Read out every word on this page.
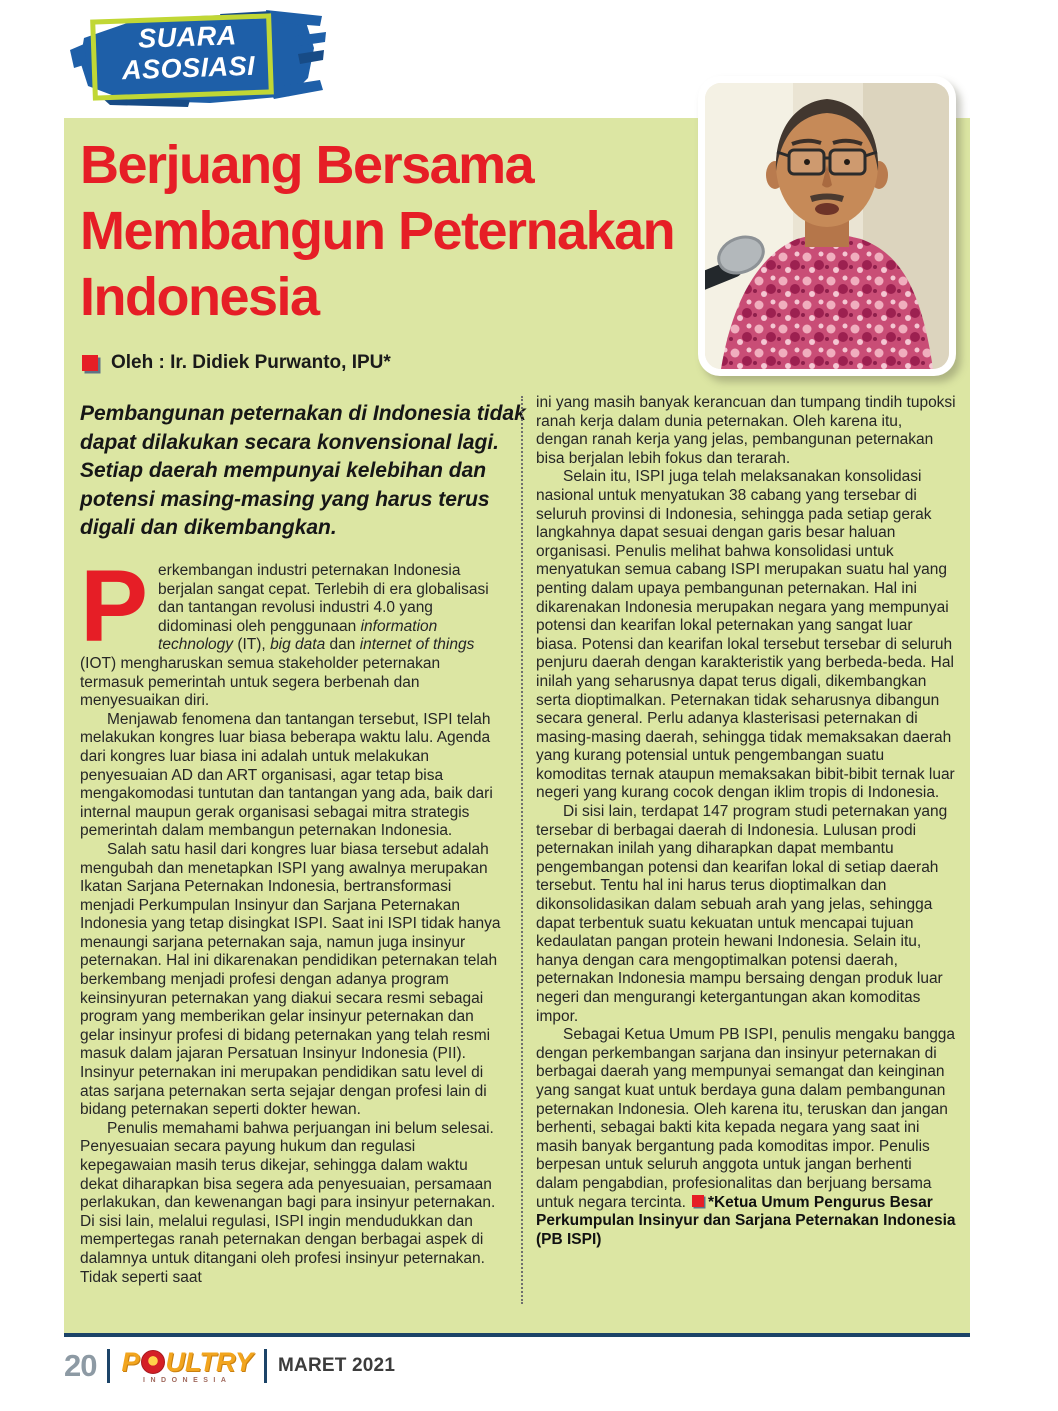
SUARA
ASOSIASI
Berjuang Bersama
Membangun Peternakan
Indonesia
Oleh : Ir. Didiek Purwanto, IPU*
Pembangunan peternakan di Indonesia tidak dapat dilakukan secara konvensional lagi. Setiap daerah mempunyai kelebihan dan potensi masing-masing yang harus terus digali dan dikembangkan.

Perkembangan industri peternakan Indonesia berjalan sangat cepat. Terlebih di era globalisasi dan tantangan revolusi industri 4.0 yang didominasi oleh penggunaan information technology (IT), big data dan internet of things (IOT) mengharuskan semua stakeholder peternakan termasuk pemerintah untuk segera berbenah dan menyesuaikan diri.

Menjawab fenomena dan tantangan tersebut, ISPI telah melakukan kongres luar biasa beberapa waktu lalu. Agenda dari kongres luar biasa ini adalah untuk melakukan penyesuaian AD dan ART organisasi, agar tetap bisa mengakomodasi tuntutan dan tantangan yang ada, baik dari internal maupun gerak organisasi sebagai mitra strategis pemerintah dalam membangun peternakan Indonesia.

Salah satu hasil dari kongres luar biasa tersebut adalah mengubah dan menetapkan ISPI yang awalnya merupakan Ikatan Sarjana Peternakan Indonesia, bertransformasi menjadi Perkumpulan Insinyur dan Sarjana Peternakan Indonesia yang tetap disingkat ISPI. Saat ini ISPI tidak hanya menaungi sarjana peternakan saja, namun juga insinyur peternakan. Hal ini dikarenakan pendidikan peternakan telah berkembang menjadi profesi dengan adanya program keinsinyuran peternakan yang diakui secara resmi sebagai program yang memberikan gelar insinyur peternakan dan gelar insinyur profesi di bidang peternakan yang telah resmi masuk dalam jajaran Persatuan Insinyur Indonesia (PII). Insinyur peternakan ini merupakan pendidikan satu level di atas sarjana peternakan serta sejajar dengan profesi lain di bidang peternakan seperti dokter hewan.

Penulis memahami bahwa perjuangan ini belum selesai. Penyesuaian secara payung hukum dan regulasi kepegawaian masih terus dikejar, sehingga dalam waktu dekat diharapkan bisa segera ada penyesuaian, persamaan perlakukan, dan kewenangan bagi para insinyur peternakan. Di sisi lain, melalui regulasi, ISPI ingin mendudukkan dan mempertegas ranah peternakan dengan berbagai aspek di dalamnya untuk ditangani oleh profesi insinyur peternakan. Tidak seperti saat

ini yang masih banyak kerancuan dan tumpang tindih tupoksi ranah kerja dalam dunia peternakan. Oleh karena itu, dengan ranah kerja yang jelas, pembangunan peternakan bisa berjalan lebih fokus dan terarah.

Selain itu, ISPI juga telah melaksanakan konsolidasi nasional untuk menyatukan 38 cabang yang tersebar di seluruh provinsi di Indonesia, sehingga pada setiap gerak langkahnya dapat sesuai dengan garis besar haluan organisasi. Penulis melihat bahwa konsolidasi untuk menyatukan semua cabang ISPI merupakan suatu hal yang penting dalam upaya pembangunan peternakan. Hal ini dikarenakan Indonesia merupakan negara yang mempunyai potensi dan kearifan lokal peternakan yang sangat luar biasa. Potensi dan kearifan lokal tersebut tersebar di seluruh penjuru daerah dengan karakteristik yang berbeda-beda. Hal inilah yang seharusnya dapat terus digali, dikembangkan serta dioptimalkan. Peternakan tidak seharusnya dibangun secara general. Perlu adanya klasterisasi peternakan di masing-masing daerah, sehingga tidak memaksakan daerah yang kurang potensial untuk pengembangan suatu komoditas ternak ataupun memaksakan bibit-bibit ternak luar negeri yang kurang cocok dengan iklim tropis di Indonesia.

Di sisi lain, terdapat 147 program studi peternakan yang tersebar di berbagai daerah di Indonesia. Lulusan prodi peternakan inilah yang diharapkan dapat membantu pengembangan potensi dan kearifan lokal di setiap daerah tersebut. Tentu hal ini harus terus dioptimalkan dan dikonsolidasikan dalam sebuah arah yang jelas, sehingga dapat terbentuk suatu kekuatan untuk mencapai tujuan kedaulatan pangan protein hewani Indonesia. Selain itu, hanya dengan cara mengoptimalkan potensi daerah, peternakan Indonesia mampu bersaing dengan produk luar negeri dan mengurangi ketergantungan akan komoditas impor.

Sebagai Ketua Umum PB ISPI, penulis mengaku bangga dengan perkembangan sarjana dan insinyur peternakan di berbagai daerah yang mempunyai semangat dan keinginan yang sangat kuat untuk berdaya guna dalam pembangunan peternakan Indonesia. Oleh karena itu, teruskan dan jangan berhenti, sebagai bakti kita kepada negara yang saat ini masih banyak bergantung pada komoditas impor. Penulis berpesan untuk seluruh anggota untuk jangan berhenti dalam pengabdian, profesionalitas dan berjuang bersama untuk negara tercinta. *Ketua Umum Pengurus Besar Perkumpulan Insinyur dan Sarjana Peternakan Indonesia (PB ISPI)

20 P ULTRY
INDONESIA
MARET 2021
